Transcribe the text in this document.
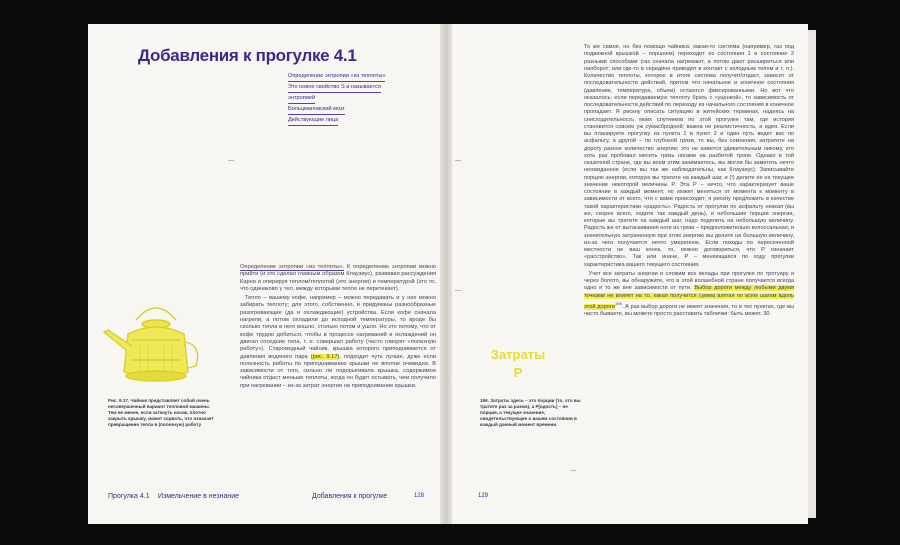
Добавления к прогулке 4.1
Определение энтропии «из теплоты»
Это новое свойство S и называется
энтропией
Больцмановский мозг
Действующие лица
Рис. 9.17. Чайник представляет собой очень несовершенный вариант тепловой машины. Тем не менее, если заткнуть носик, плотно закрыть крышку, может сорвать, что означает превращение тепла в (полезную) работу

Определение энтропии «из теплоты». К определению энтропии можно прийти (и это сделал главным образом Клаузиус), развивая рассуждения Карно и оперируя теплом/теплотой (это энергия) и температурой (это то, что одинаково у тел, между которыми тепло не перетекает).

Тепло – вашему кофе, например – можно передавать и у них можно забирать теплоту; для этого, собственно, и придуманы разнообразные разогревающие (да и охлаждающие) устройства. Если кофе сначала нагрели, а потом охладили до исходной температуры, то вроде бы сколько тепла в него вошло, столько потом и ушло. Но это потому, что от кофе трудно добиться, чтобы в процессе нагреваний и охлаждений он двигал соседние тела, т. е. совершал работу (часто говорят «полезную работу»). Старомодный чайник, крышка которого приподнимается от давления водяного пара (рис. 9.17), подходит чуть лучше, дуже если полезность работы по приподниманию крышки не вполне очевидна. В зависимости от того, сильно ли подпрыгивала крышка, содержимое чайника отдаст меньше теплоты, когда он будет остывать, чем получило при нагревании – из-за затрат энергии на приподнимание крышки.

Прогулка 4.1 Измельчение в незнание	Добавления к прогулке	128	129
Затраты
P
196. Затраты здесь – это порции (то, что вы тратите раз за разом), а P[адость] – не порция, а текущее значение, свидетельствующее о вашем состоянии в каждый данный момент времени.

То же самое, но без помощи чайника: какая-то система (например, газ под подвижной крышкой – поршнем) переходит из состояния 1 в состояние 2 разными способами (газ сначала нагревают, а потом дают расшириться или наоборот; или где-то в середине приводят в контакт с холодным телом и т. п.). Количество теплоты, которое в итоге система получит/отдаст, зависит от последовательности действий, притом что начальное и конечное состояния (давление, температура, объем) остаются фиксированными. Но вот что оказалось: если передаваемую теплоту брать с «уценкой», то зависимость от последовательности действий по переходу из начального состояния в конечное пропадает. Я рискну описать ситуацию в житейских терминах, надеясь на снисходительность моих спутников по этой прогулке там, где история становится совсем уж сумасбродной; важна не реалистичность, а идея. Если вы планируете прогулку из пункта 1 в пункт 2 и один путь ведет вас по асфальту, а другой – по глубокой грязи, то вы, без сомнения, затратите на дорогу разное количество энергии; это не кажется удивительным никому, кто хоть раз пробовал месить грязь ногами на разбитой тропе. Однако в той сказочной стране, где вы всем этим занимаетесь, вы могли бы заметить нечто неожиданное (если вы так же наблюдательны, как Клаузиус). Записывайте порцию энергии, которую вы тратите на каждый шаг, и (!) делите ее на текущее значение некоторой величины P. Эта P – нечто, что характеризует ваше состояние в каждый момент, но может меняться от момента к моменту в зависимости от всего, что с вами происходит; я рискну предложить в качестве такой характеристики «радость». Радость от прогулки по асфальту низкая (вы же, скорее всего, ходите так каждый день), и небольшие порции энергии, которые вы тратите на каждый шаг, надо поделить на небольшую величину. Радость же от вытаскивания ноги из грязи – предположительно колоссальная, и значительную затраченную при этом энергию вы делите на большую величину, из-за чего получается нечто умеренное. Если походы по пересеченной местности не ваш конек, то, можно договориться, что P означает «расстройство». Так или иначе, P – меняющаяся по ходу прогулки характеристика вашего текущего состояния.

Учет все затраты энергии и сложим все вклады при прогулке по тротуару и через болото, вы обнаружите, что в этой волшебной стране получается всегда одно и то же вне зависимости от пути. Выбор дороги между любыми двумя точками не влияет на то, какая получится сумма взятая по всем шагам вдоль этой дороги$^{196}$. А раз выбор дороги не имеет значения, то в тех пунктах, где вы часто бываете, вы можете просто расставить таблички: быть может, 30
